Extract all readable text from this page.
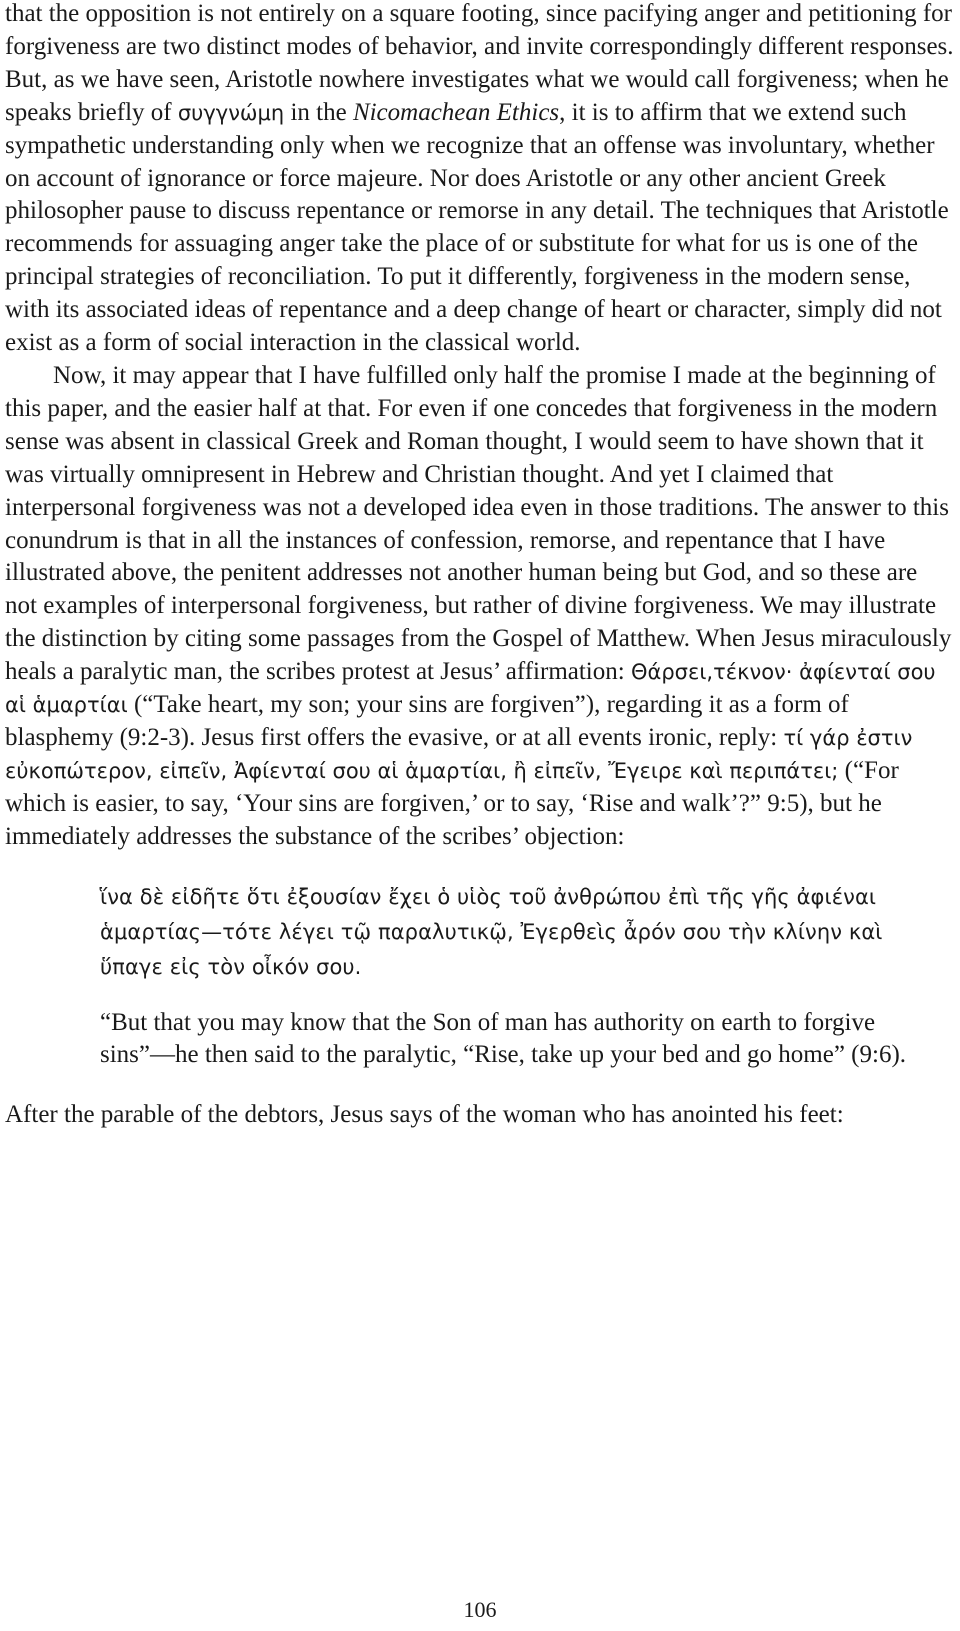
that the opposition is not entirely on a square footing, since pacifying anger and petitioning for forgiveness are two distinct modes of behavior, and invite correspondingly different responses. But, as we have seen, Aristotle nowhere investigates what we would call forgiveness; when he speaks briefly of συγγνώμη in the Nicomachean Ethics, it is to affirm that we extend such sympathetic understanding only when we recognize that an offense was involuntary, whether on account of ignorance or force majeure. Nor does Aristotle or any other ancient Greek philosopher pause to discuss repentance or remorse in any detail. The techniques that Aristotle recommends for assuaging anger take the place of or substitute for what for us is one of the principal strategies of reconciliation. To put it differently, forgiveness in the modern sense, with its associated ideas of repentance and a deep change of heart or character, simply did not exist as a form of social interaction in the classical world.

Now, it may appear that I have fulfilled only half the promise I made at the beginning of this paper, and the easier half at that. For even if one concedes that forgiveness in the modern sense was absent in classical Greek and Roman thought, I would seem to have shown that it was virtually omnipresent in Hebrew and Christian thought. And yet I claimed that interpersonal forgiveness was not a developed idea even in those traditions. The answer to this conundrum is that in all the instances of confession, remorse, and repentance that I have illustrated above, the penitent addresses not another human being but God, and so these are not examples of interpersonal forgiveness, but rather of divine forgiveness. We may illustrate the distinction by citing some passages from the Gospel of Matthew. When Jesus miraculously heals a paralytic man, the scribes protest at Jesus’ affirmation: Θάρσει,τέκνον· ἀφίενταί σου αἱ ἁμαρτίαι (“Take heart, my son; your sins are forgiven”), regarding it as a form of blasphemy (9:2-3). Jesus first offers the evasive, or at all events ironic, reply: τί γάρ ἐστιν εὐκοπώτερον, εἰπεῖν, Ἀφίενταί σου αἱ ἁμαρτίαι, ἢ εἰπεῖν, Ἔγειρε καὶ περιπάτει; (“For which is easier, to say, ‘Your sins are forgiven,’ or to say, ‘Rise and walk’?” 9:5), but he immediately addresses the substance of the scribes’ objection:

ἵνα δὲ εἰδῆτε ὅτι ἐξουσίαν ἔχει ὁ υἱὸς τοῦ ἀνθρώπου ἐπὶ τῆς γῆς ἀφιέναι ἁμαρτίας—τότε λέγει τῷ παραλυτικῷ, Ἐγερθεὶς ἆρόν σου τὴν κλίνην καὶ ὕπαγε εἰς τὸν οἶκόν σου.

“But that you may know that the Son of man has authority on earth to forgive sins”—he then said to the paralytic, “Rise, take up your bed and go home” (9:6).

After the parable of the debtors, Jesus says of the woman who has anointed his feet:

106
